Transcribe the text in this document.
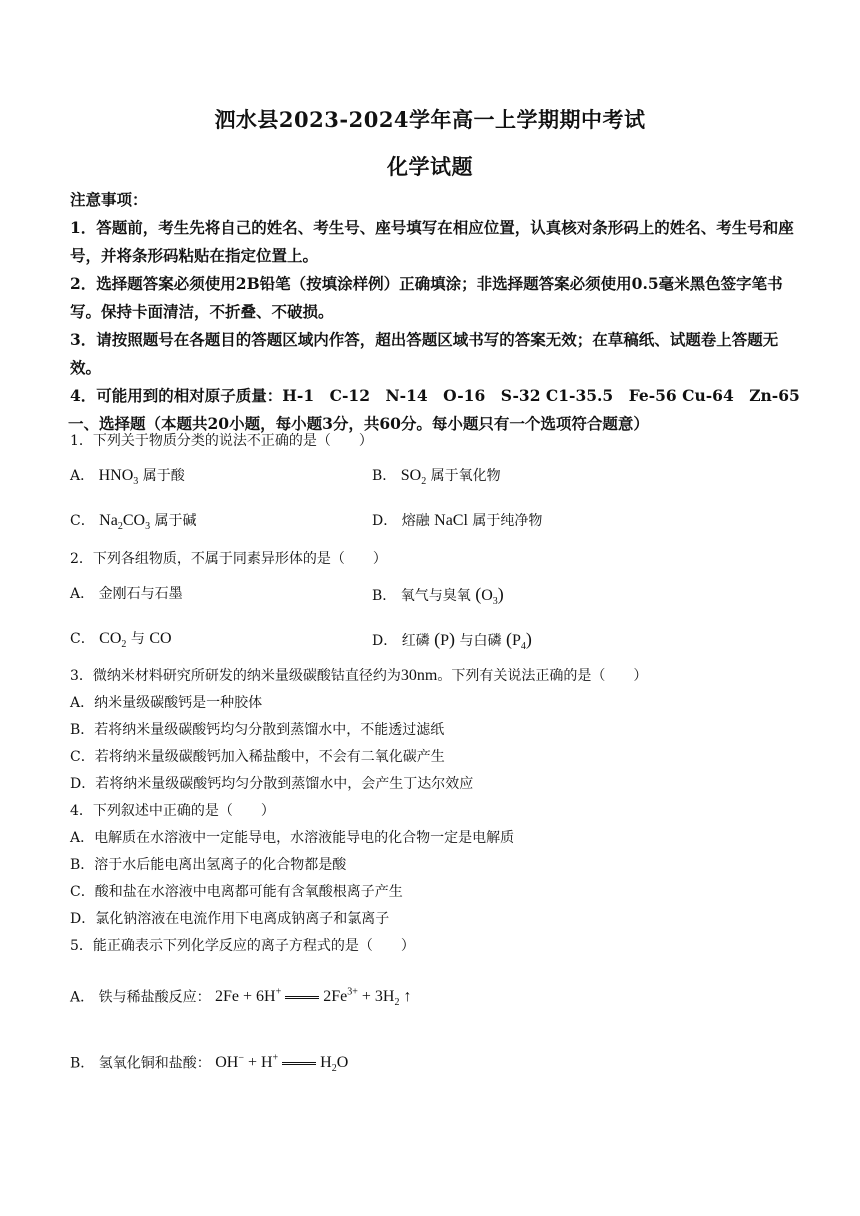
泗水县2023-2024学年高一上学期期中考试
化学试题
注意事项：
1．答题前，考生先将自己的姓名、考生号、座号填写在相应位置，认真核对条形码上的姓名、考生号和座号，并将条形码粘贴在指定位置上。
2．选择题答案必须使用2B铅笔（按填涂样例）正确填涂；非选择题答案必须使用0.5毫米黑色签字笔书写。保持卡面清洁，不折叠、不破损。
3．请按照题号在各题目的答题区域内作答，超出答题区域书写的答案无效；在草稿纸、试题卷上答题无效。
4．可能用到的相对原子质量：H-1　C-12　N-14　O-16　S-32 C1-35.5　Fe-56 Cu-64　Zn-65
一、选择题（本题共20小题，每小题3分，共60分。每小题只有一个选项符合题意）
1．下列关于物质分类的说法不正确的是（　　）
A． $HNO_3$ 属于酸	B． $SO_2$ 属于氧化物
C． $Na_2CO_3$ 属于碱	D． 熔融 NaCl 属于纯净物
2．下列各组物质，不属于同素异形体的是（　　）
A． 金刚石与石墨	B． 氧气与臭氧 $(O_3)$
C． $CO_2$ 与 CO	D． 红磷 (P) 与白磷 $(P_4)$
3．微纳米材料研究所研发的纳米量级碳酸钴直径约为30nm。下列有关说法正确的是（　　）
A．纳米量级碳酸钙是一种胶体
B．若将纳米量级碳酸钙均匀分散到蒸馏水中，不能透过滤纸
C．若将纳米量级碳酸钙加入稀盐酸中，不会有二氧化碳产生
D．若将纳米量级碳酸钙均匀分散到蒸馏水中，会产生丁达尔效应
4．下列叙述中正确的是（　　）
A．电解质在水溶液中一定能导电，水溶液能导电的化合物一定是电解质
B．溶于水后能电离出氢离子的化合物都是酸
C．酸和盐在水溶液中电离都可能有含氧酸根离子产生
D．氯化钠溶液在电流作用下电离成钠离子和氯离子
5．能正确表示下列化学反应的离子方程式的是（　　）
A． 铁与稀盐酸反应： 2Fe + 6H+  $2Fe^{3+} + 3H_2$ ↑
B． 氢氧化铜和盐酸： OH− + H+  $H_2O$
